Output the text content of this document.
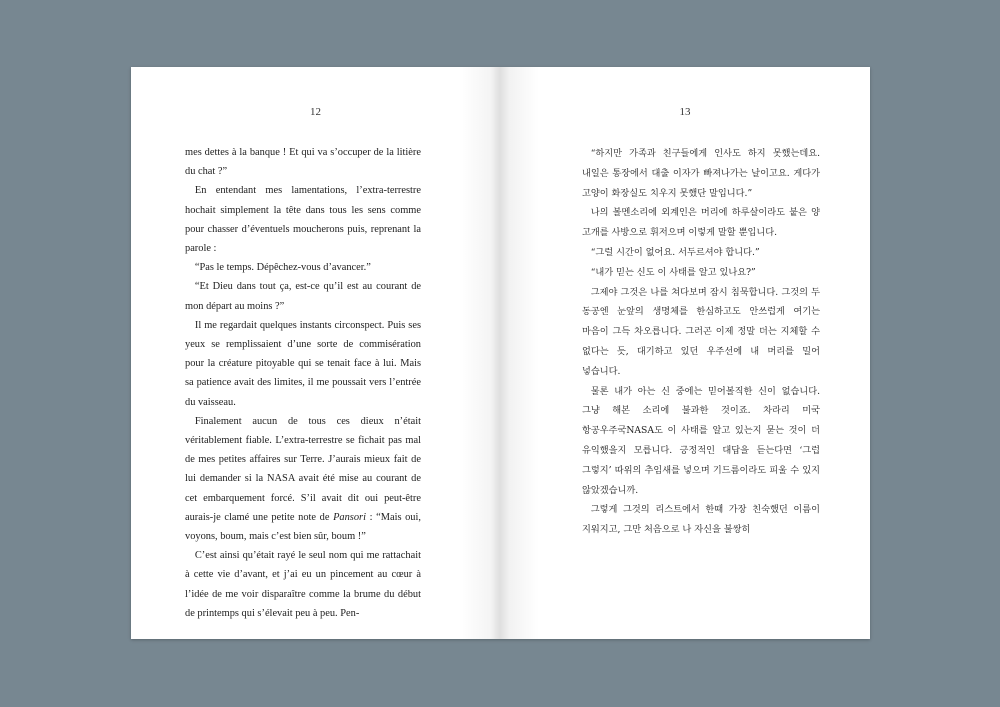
12

mes dettes à la banque ! Et qui va s’occuper de la litière du chat ?”

En entendant mes lamentations, l’extra-terrestre hochait simplement la tête dans tous les sens comme pour chasser d’éventuels moucherons puis, reprenant la parole :

“Pas le temps. Dépêchez-vous d’avancer.”

“Et Dieu dans tout ça, est-ce qu’il est au courant de mon départ au moins ?”

Il me regardait quelques instants circonspect. Puis ses yeux se remplissaient d’une sorte de commisération pour la créature pitoyable qui se tenait face à lui. Mais sa patience avait des limites, il me poussait vers l’entrée du vaisseau.

Finalement aucun de tous ces dieux n’était véritablement fiable. L’extra-terrestre se fichait pas mal de mes petites affaires sur Terre. J’aurais mieux fait de lui demander si la NASA avait été mise au courant de cet embarquement forcé. S’il avait dit oui peut-être aurais-je clamé une petite note de Pansori : “Mais oui, voyons, boum, mais c’est bien sûr, boum !”

C’est ainsi qu’était rayé le seul nom qui me rattachait à cette vie d’avant, et j’ai eu un pincement au cœur à l’idée de me voir disparaître comme la brume du début de printemps qui s’élevait peu à peu. Pen-

13

“하지만 가족과 친구들에게 인사도 하지 못했는데요. 내일은 통장에서 대출 이자가 빠져나가는 날이고요. 게다가 고양이 화장실도 치우지 못했단 말입니다.”

나의 볼멘소리에 외계인은 머리에 하루살이라도 붙은 양 고개를 사방으로 휘저으며 이렇게 말할 뿐입니다.

“그럴 시간이 없어요. 서두르셔야 합니다.”

“내가 믿는 신도 이 사태를 알고 있나요?”

그제야 그것은 나를 쳐다보며 잠시 침묵합니다. 그것의 두 동공엔 눈앞의 생명체를 한심하고도 안쓰럽게 여기는 마음이 그득 차오릅니다. 그러곤 이제 정말 더는 지체할 수 없다는 듯, 대기하고 있던 우주선에 내 머리를 밀어 넣습니다.

물론 내가 아는 신 중에는 믿어볼직한 신이 없습니다. 그냥 해본 소리에 불과한 것이죠. 차라리 미국 항공우주국NASA도 이 사태를 알고 있는지 묻는 것이 더 유익했을지 모릅니다. 긍정적인 대답을 듣는다면 ‘그럽 그렇지’ 따위의 추임새를 넣으며 기드름이라도 피울 수 있지 않았겠습니까.

그렇게 그것의 리스트에서 한때 가장 친숙했던 이름이 지워지고, 그만 처음으로 나 자신을 불쌍히
